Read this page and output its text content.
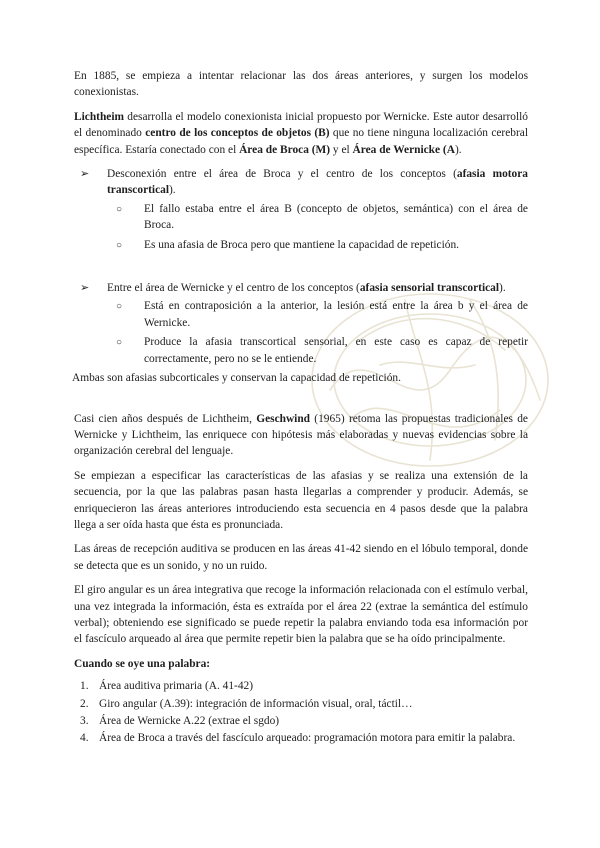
En 1885, se empieza a intentar relacionar las dos áreas anteriores, y surgen los modelos conexionistas.

Lichtheim desarrolla el modelo conexionista inicial propuesto por Wernicke. Este autor desarrolló el denominado centro de los conceptos de objetos (B) que no tiene ninguna localización cerebral específica. Estaría conectado con el Área de Broca (M) y el Área de Wernicke (A).

➢ Desconexión entre el área de Broca y el centro de los conceptos (afasia motora transcortical).
○ El fallo estaba entre el área B (concepto de objetos, semántica) con el área de Broca.
○ Es una afasia de Broca pero que mantiene la capacidad de repetición.
➢ Entre el área de Wernicke y el centro de los conceptos (afasia sensorial transcortical).
○ Está en contraposición a la anterior, la lesión está entre la área b y el área de Wernicke.
○ Produce la afasia transcortical sensorial, en este caso es capaz de repetir correctamente, pero no se le entiende.

Ambas son afasias subcorticales y conservan la capacidad de repetición.

Casi cien años después de Lichtheim, Geschwind (1965) retoma las propuestas tradicionales de Wernicke y Lichtheim, las enriquece con hipótesis más elaboradas y nuevas evidencias sobre la organización cerebral del lenguaje.

Se empiezan a especificar las características de las afasias y se realiza una extensión de la secuencia, por la que las palabras pasan hasta llegarlas a comprender y producir. Además, se enriquecieron las áreas anteriores introduciendo esta secuencia en 4 pasos desde que la palabra llega a ser oída hasta que ésta es pronunciada.

Las áreas de recepción auditiva se producen en las áreas 41-42 siendo en el lóbulo temporal, donde se detecta que es un sonido, y no un ruido.

El giro angular es un área integrativa que recoge la información relacionada con el estímulo verbal, una vez integrada la información, ésta es extraída por el área 22 (extrae la semántica del estímulo verbal); obteniendo ese significado se puede repetir la palabra enviando toda esa información por el fascículo arqueado al área que permite repetir bien la palabra que se ha oído principalmente.

Cuando se oye una palabra:
1. Área auditiva primaria (A. 41-42)
2. Giro angular (A.39): integración de información visual, oral, táctil…
3. Área de Wernicke A.22 (extrae el sgdo)
4. Área de Broca a través del fascículo arqueado: programación motora para emitir la palabra.
